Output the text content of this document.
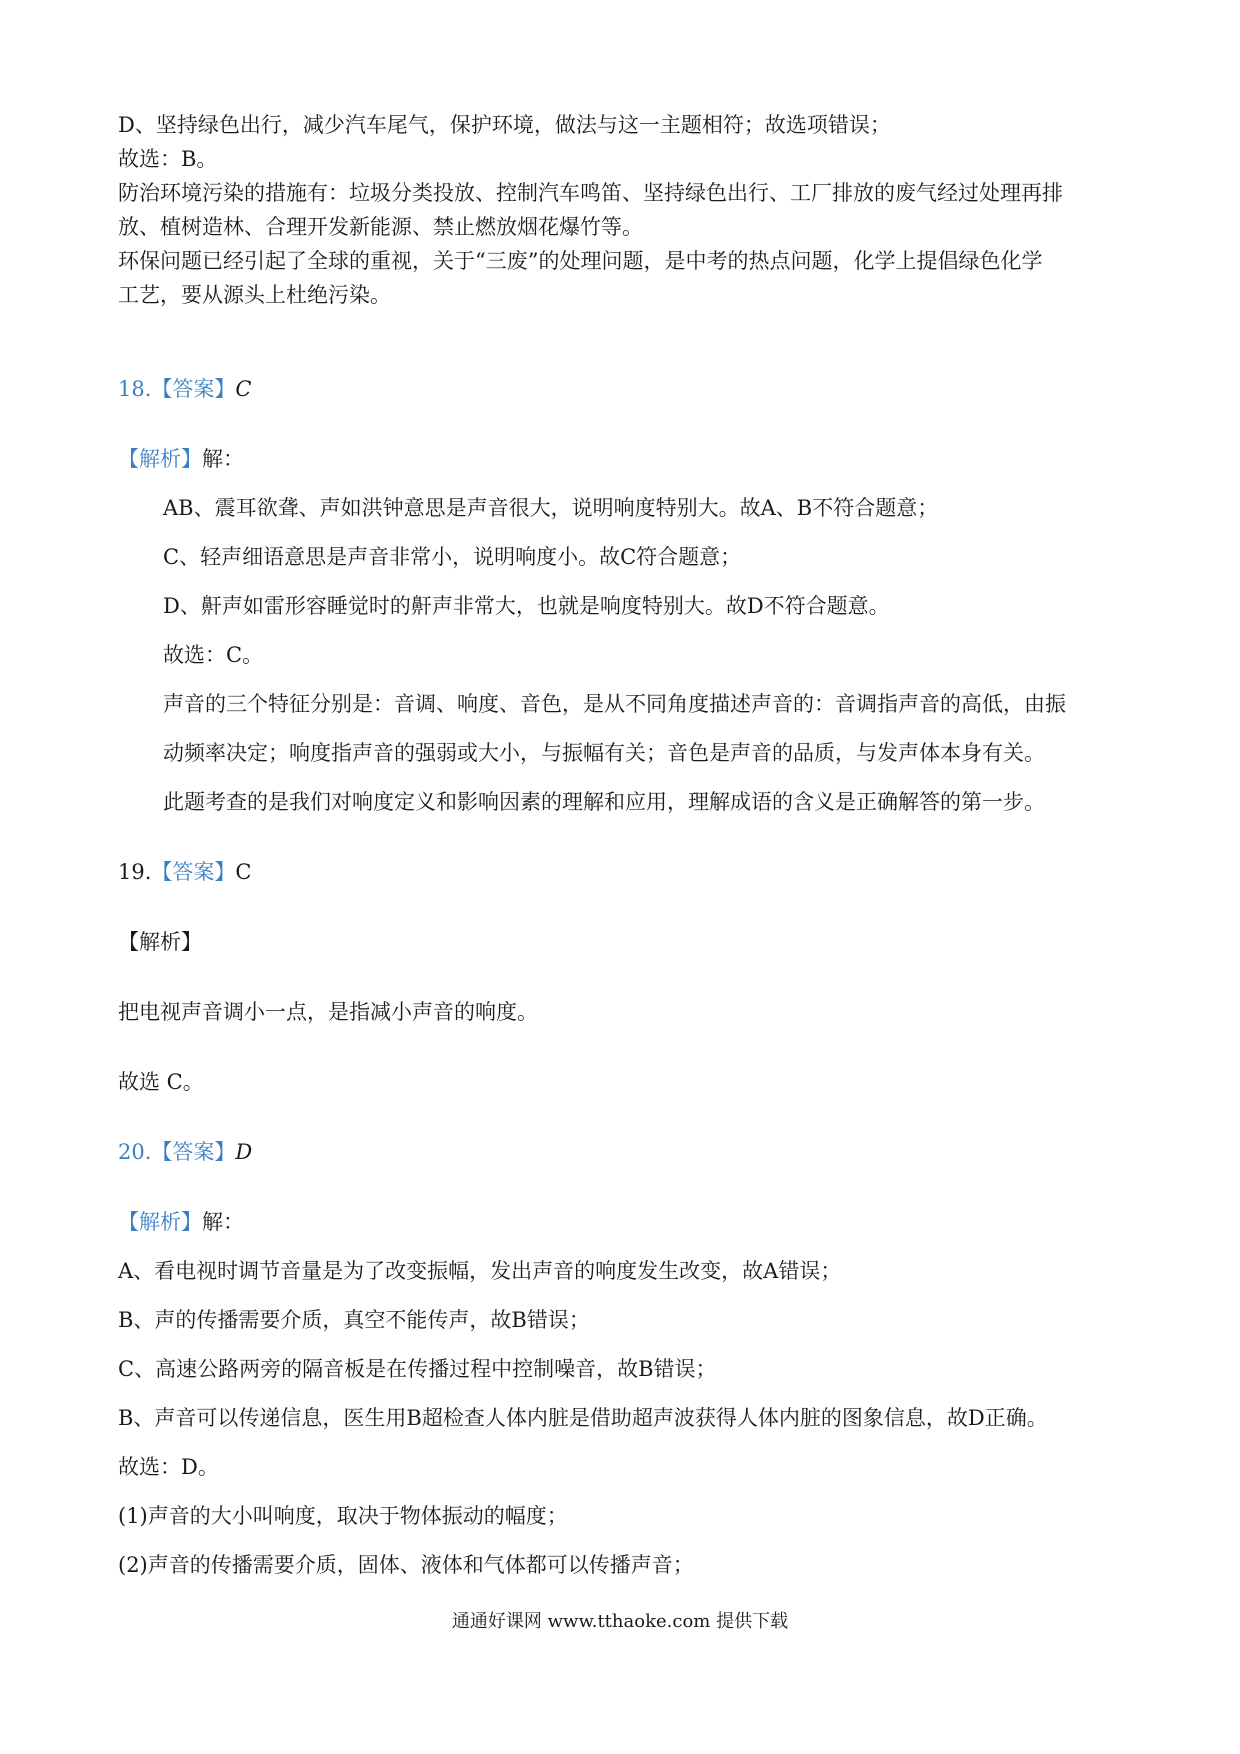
D、坚持绿色出行，减少汽车尾气，保护环境，做法与这一主题相符；故选项错误；
故选：B。
防治环境污染的措施有：垃圾分类投放、控制汽车鸣笛、坚持绿色出行、工厂排放的废气经过处理再排
放、植树造林、合理开发新能源、禁止燃放烟花爆竹等。
环保问题已经引起了全球的重视，关于“三废”的处理问题，是中考的热点问题，化学上提倡绿色化学
工艺，要从源头上杜绝污染。
18.【答案】C
【解析】解：
AB、震耳欲聋、声如洪钟意思是声音很大，说明响度特别大。故A、B不符合题意；
C、轻声细语意思是声音非常小，说明响度小。故C符合题意；
D、鼾声如雷形容睡觉时的鼾声非常大，也就是响度特别大。故D不符合题意。
故选：C。
声音的三个特征分别是：音调、响度、音色，是从不同角度描述声音的：音调指声音的高低，由振
动频率决定；响度指声音的强弱或大小，与振幅有关；音色是声音的品质，与发声体本身有关。
此题考查的是我们对响度定义和影响因素的理解和应用，理解成语的含义是正确解答的第一步。
19.【答案】C
【解析】
把电视声音调小一点，是指减小声音的响度。
故选 C。
20.【答案】D
【解析】解：
A、看电视时调节音量是为了改变振幅，发出声音的响度发生改变，故A错误；
B、声的传播需要介质，真空不能传声，故B错误；
C、高速公路两旁的隔音板是在传播过程中控制噪音，故B错误；
B、声音可以传递信息，医生用B超检查人体内脏是借助超声波获得人体内脏的图象信息，故D正确。
故选：D。
(1)声音的大小叫响度，取决于物体振动的幅度；
(2)声音的传播需要介质，固体、液体和气体都可以传播声音；
通通好课网 www.tthaoke.com 提供下载
